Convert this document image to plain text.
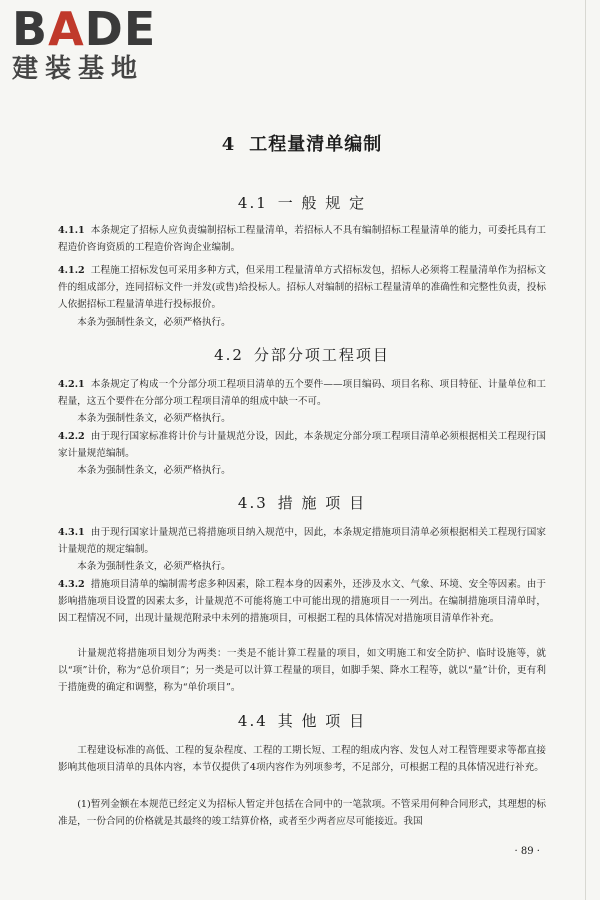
BADE
建装基地
4 工程量清单编制
4.1 一 般 规 定
4.1.1 本条规定了招标人应负责编制招标工程量清单，若招标人不具有编制招标工程量清单的能力，可委托具有工程造价咨询资质的工程造价咨询企业编制。
4.1.2 工程施工招标发包可采用多种方式，但采用工程量清单方式招标发包，招标人必须将工程量清单作为招标文件的组成部分，连同招标文件一并发(或售)给投标人。招标人对编制的招标工程量清单的准确性和完整性负责，投标人依据招标工程量清单进行投标报价。
本条为强制性条文，必须严格执行。
4.2 分部分项工程项目
4.2.1 本条规定了构成一个分部分项工程项目清单的五个要件——项目编码、项目名称、项目特征、计量单位和工程量，这五个要件在分部分项工程项目清单的组成中缺一不可。
本条为强制性条文，必须严格执行。
4.2.2 由于现行国家标准将计价与计量规范分设，因此，本条规定分部分项工程项目清单必须根据相关工程现行国家计量规范编制。
本条为强制性条文，必须严格执行。
4.3 措 施 项 目
4.3.1 由于现行国家计量规范已将措施项目纳入规范中，因此，本条规定措施项目清单必须根据相关工程现行国家计量规范的规定编制。
本条为强制性条文，必须严格执行。
4.3.2 措施项目清单的编制需考虑多种因素，除工程本身的因素外，还涉及水文、气象、环境、安全等因素。由于影响措施项目设置的因素太多，计量规范不可能将施工中可能出现的措施项目一一列出。在编制措施项目清单时，因工程情况不同，出现计量规范附录中未列的措施项目，可根据工程的具体情况对措施项目清单作补充。
计量规范将措施项目划分为两类：一类是不能计算工程量的项目，如文明施工和安全防护、临时设施等，就以“项”计价，称为“总价项目”；另一类是可以计算工程量的项目，如脚手架、降水工程等，就以“量”计价，更有利于措施费的确定和调整，称为“单价项目”。
4.4 其 他 项 目
工程建设标准的高低、工程的复杂程度、工程的工期长短、工程的组成内容、发包人对工程管理要求等都直接影响其他项目清单的具体内容，本节仅提供了4项内容作为列项参考，不足部分，可根据工程的具体情况进行补充。
(1)暂列金额在本规范已经定义为招标人暂定并包括在合同中的一笔款项。不管采用何种合同形式，其理想的标准是，一份合同的价格就是其最终的竣工结算价格，或者至少两者应尽可能接近。我国
· 89 ·
